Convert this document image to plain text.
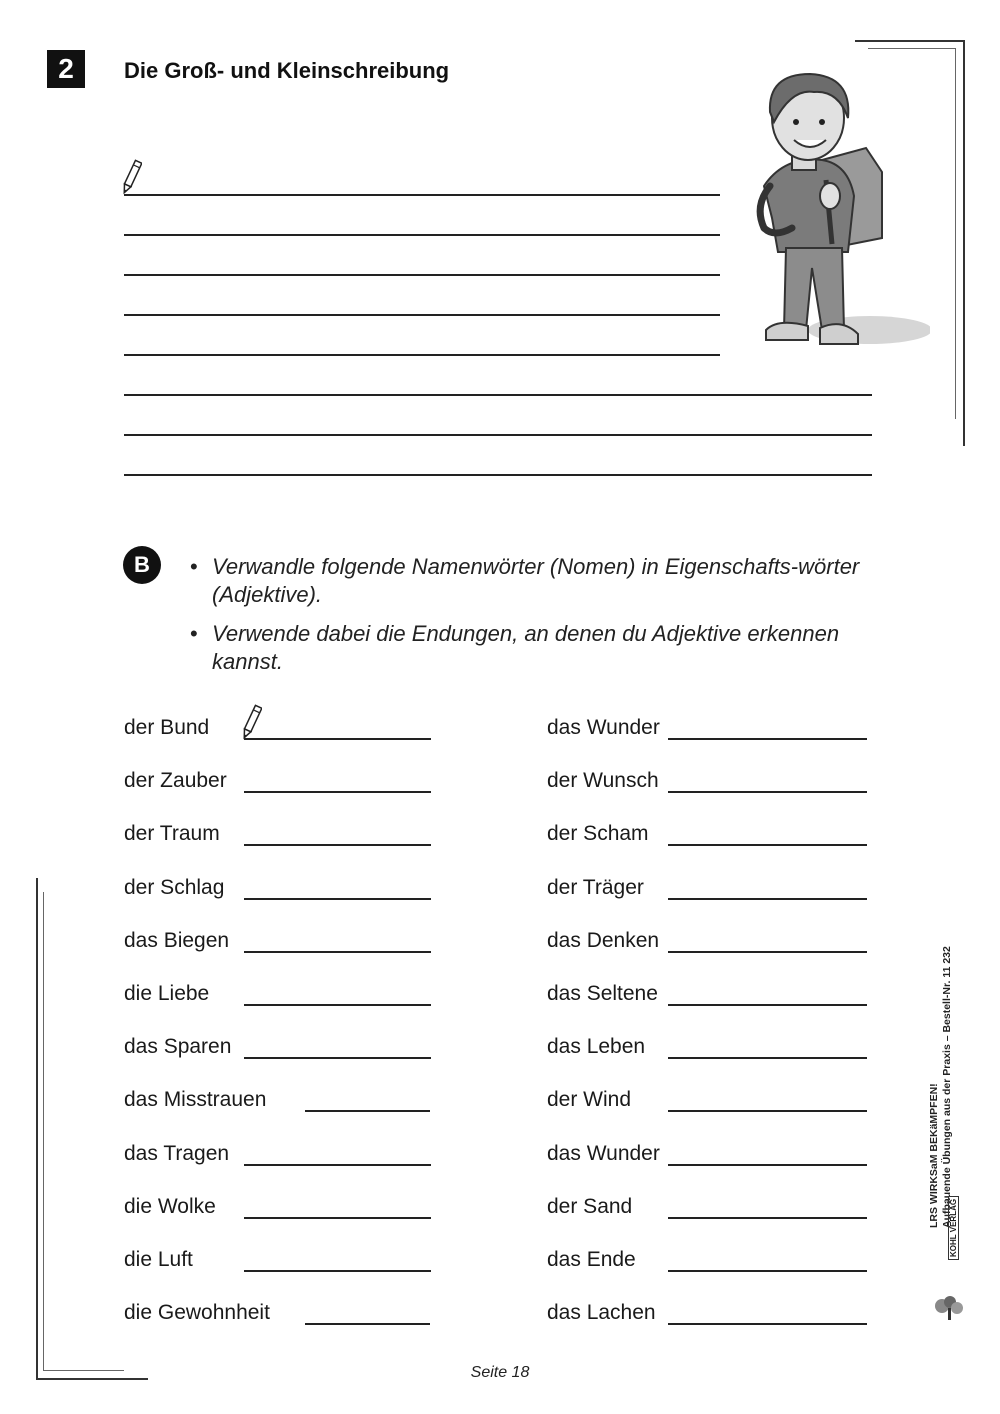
2	Die Groß- und Kleinschreibung
B	• Verwandle folgende Namenwörter (Nomen) in Eigenschafts-wörter (Adjektive).
• Verwende dabei die Endungen, an denen du Adjektive erkennen kannst.
der Bund	das Wunder
der Zauber	der Wunsch
der Traum	der Scham
der Schlag	der Träger
das Biegen	das Denken
die Liebe	das Seltene
das Sparen	das Leben
das Misstrauen	der Wind
das Tragen	das Wunder
die Wolke	der Sand
die Luft	das Ende
die Gewohnheit	das Lachen
Seite 18
LRS WIRKSaM BEKäMPFEN! Aufbauende Übungen aus der Praxis – Bestell-Nr. 11 232
KOHL VERLAG
